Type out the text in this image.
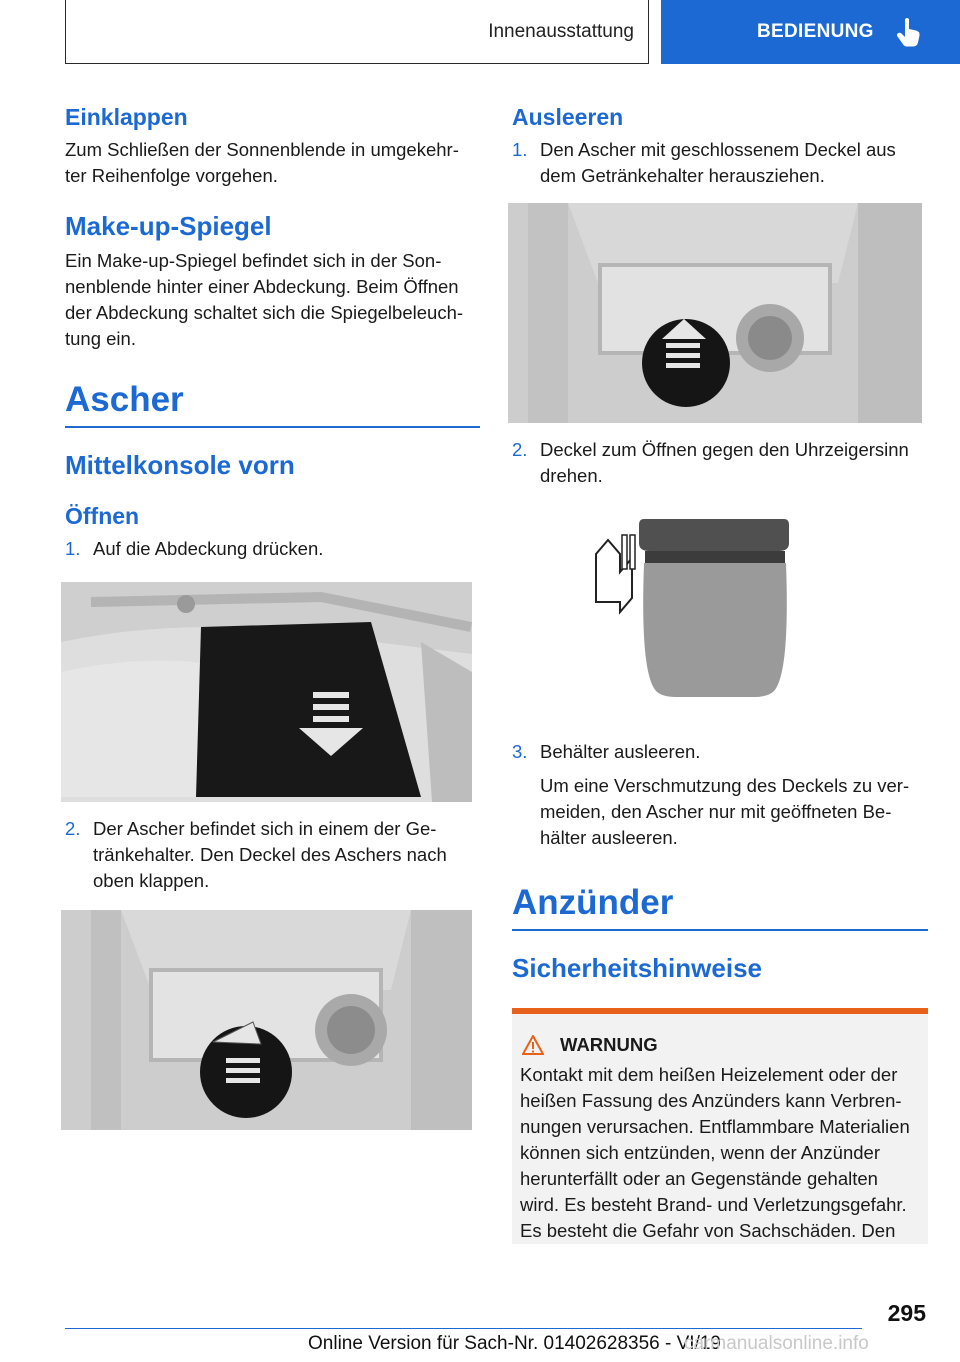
Innenausstattung	BEDIENUNG
Einklappen

Zum Schließen der Sonnenblende in umgekehr-ter Reihenfolge vorgehen.

Make-up-Spiegel

Ein Make-up-Spiegel befindet sich in der Son-nenblende hinter einer Abdeckung. Beim Öffnen der Abdeckung schaltet sich die Spiegelbeleuch-tung ein.

Ascher
Mittelkonsole vorn
Öffnen
1. Auf die Abdeckung drücken.
2. Der Ascher befindet sich in einem der Ge-tränkehalter. Den Deckel des Aschers nach oben klappen.
Ausleeren
1. Den Ascher mit geschlossenem Deckel aus dem Getränkehalter herausziehen.
2. Deckel zum Öffnen gegen den Uhrzeigersinn drehen.
3. Behälter ausleeren.

Um eine Verschmutzung des Deckels zu ver-meiden, den Ascher nur mit geöffneten Be-hälter ausleeren.

Anzünder
Sicherheitshinweise
WARNUNG

Kontakt mit dem heißen Heizelement oder der heißen Fassung des Anzünders kann Verbren-nungen verursachen. Entflammbare Materialien können sich entzünden, wenn der Anzünder herunterfällt oder an Gegenstände gehalten wird. Es besteht Brand- und Verletzungsgefahr. Es besteht die Gefahr von Sachschäden. Den

295
Online Version für Sach-Nr. 01402628356 - VI/19
carmanualsonline.info
